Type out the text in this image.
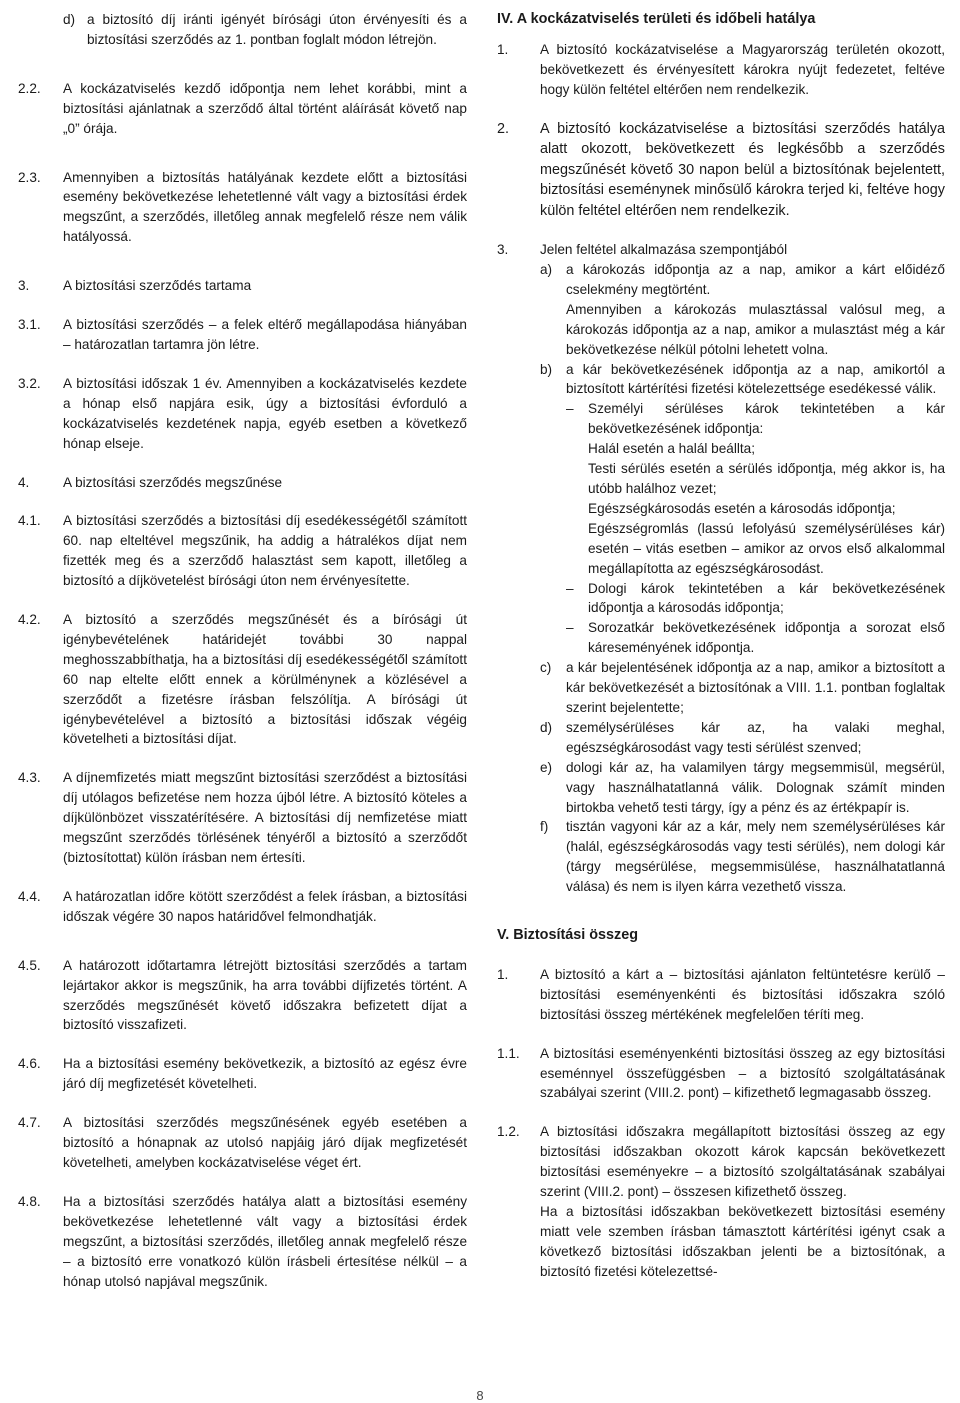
d) a biztosító díj iránti igényét bírósági úton érvényesíti és a biztosítási szerződés az 1. pontban foglalt módon létrejön.
2.2. A kockázatviselés kezdő időpontja nem lehet korábbi, mint a biztosítási ajánlatnak a szerződő által történt aláírását követő nap „0” órája.
2.3. Amennyiben a biztosítás hatályának kezdete előtt a biztosítási esemény bekövetkezése lehetetlenné vált vagy a biztosítási érdek megszűnt, a szerződés, illetőleg annak megfelelő része nem válik hatályossá.
3. A biztosítási szerződés tartama
3.1. A biztosítási szerződés – a felek eltérő megállapodása hiányában – határozatlan tartamra jön létre.
3.2. A biztosítási időszak 1 év. Amennyiben a kockázatviselés kezdete a hónap első napjára esik, úgy a biztosítási évforduló a kockázatviselés kezdetének napja, egyéb esetben a következő hónap elseje.
4. A biztosítási szerződés megszűnése
4.1. A biztosítási szerződés a biztosítási díj esedékességétől számított 60. nap elteltével megszűnik, ha addig a hátralékos díjat nem fizették meg és a szerződő halasztást sem kapott, illetőleg a biztosító a díjkövetelést bírósági úton nem érvényesítette.
4.2. A biztosító a szerződés megszűnését és a bírósági út igénybevételének határidejét további 30 nappal meghosszabbíthatja, ha a biztosítási díj esedékességétől számított 60 nap eltelte előtt ennek a körülménynek a közlésével a szerződőt a fizetésre írásban felszólítja. A bírósági út igénybevételével a biztosító a biztosítási időszak végéig követelheti a biztosítási díjat.
4.3. A díjnemfizetés miatt megszűnt biztosítási szerződést a biztosítási díj utólagos befizetése nem hozza újból létre. A biztosító köteles a díjkülönbözet visszatérítésére. A biztosítási díj nemfizetése miatt megszűnt szerződés törlésének tényéről a biztosító a szerződőt (biztosítottat) külön írásban nem értesíti.
4.4. A határozatlan időre kötött szerződést a felek írásban, a biztosítási időszak végére 30 napos határidővel felmondhatják.
4.5. A határozott időtartamra létrejött biztosítási szerződés a tartam lejártakor akkor is megszűnik, ha arra további díjfizetés történt. A szerződés megszűnését követő időszakra befizetett díjat a biztosító visszafizeti.
4.6. Ha a biztosítási esemény bekövetkezik, a biztosító az egész évre járó díj megfizetését követelheti.
4.7. A biztosítási szerződés megszűnésének egyéb esetében a biztosító a hónapnak az utolsó napjáig járó díjak megfizetését követelheti, amelyben kockázatviselése véget ért.
4.8. Ha a biztosítási szerződés hatálya alatt a biztosítási esemény bekövetkezése lehetetlenné vált vagy a biztosítási érdek megszűnt, a biztosítási szerződés, illetőleg annak megfelelő része – a biztosító erre vonatkozó külön írásbeli értesítése nélkül – a hónap utolsó napjával megszűnik.
IV. A kockázatviselés területi és időbeli hatálya
1. A biztosító kockázatviselése a Magyarország területén okozott, bekövetkezett és érvényesített károkra nyújt fedezetet, feltéve hogy külön feltétel eltérően nem rendelkezik.
2. A biztosító kockázatviselése a biztosítási szerződés hatálya alatt okozott, bekövetkezett és legkésőbb a szerződés megszűnését követő 30 napon belül a biztosítónak bejelentett, biztosítási eseménynek minősülő károkra terjed ki, feltéve hogy külön feltétel eltérően nem rendelkezik.
3. Jelen feltétel alkalmazása szempontjából
a) a károkozás időpontja az a nap, amikor a kárt előidéző cselekmény megtörtént.
Amennyiben a károkozás mulasztással valósul meg, a károkozás időpontja az a nap, amikor a mulasztást még a kár bekövetkezése nélkül pótolni lehetett volna.
b) a kár bekövetkezésének időpontja az a nap, amikortól a biztosított kártérítési fizetési kötelezettsége esedékessé válik.
– Személyi sérüléses károk tekintetében a kár bekövetkezésének időpontja:
Halál esetén a halál beállta;
Testi sérülés esetén a sérülés időpontja, még akkor is, ha utóbb halálhoz vezet;
Egészségkárosodás esetén a károsodás időpontja;
Egészségromlás (lassú lefolyású személysérüléses kár) esetén – vitás esetben – amikor az orvos első alkalommal megállapította az egészségkárosodást.
– Dologi károk tekintetében a kár bekövetkezésének időpontja a károsodás időpontja;
– Sorozatkár bekövetkezésének időpontja a sorozat első káreseményének időpontja.
c) a kár bejelentésének időpontja az a nap, amikor a biztosított a kár bekövetkezését a biztosítónak a VIII. 1.1. pontban foglaltak szerint bejelentette;
d) személysérüléses kár az, ha valaki meghal, egészségkárosodást vagy testi sérülést szenved;
e) dologi kár az, ha valamilyen tárgy megsemmisül, megsérül, vagy használhatatlanná válik. Dolognak számít minden birtokba vehető testi tárgy, így a pénz és az értékpapír is.
f) tisztán vagyoni kár az a kár, mely nem személysérüléses kár (halál, egészségkárosodás vagy testi sérülés), nem dologi kár (tárgy megsérülése, megsemmisülése, használhatatlanná válása) és nem is ilyen kárra vezethető vissza.
V. Biztosítási összeg
1. A biztosító a kárt a – biztosítási ajánlaton feltüntetésre kerülő – biztosítási eseményenkénti és biztosítási időszakra szóló biztosítási összeg mértékének megfelelően téríti meg.
1.1. A biztosítási eseményenkénti biztosítási összeg az egy biztosítási eseménnyel összefüggésben – a biztosító szolgáltatásának szabályai szerint (VIII.2. pont) – kifizethető legmagasabb összeg.
1.2. A biztosítási időszakra megállapított biztosítási összeg az egy biztosítási időszakban okozott károk kapcsán bekövetkezett biztosítási eseményekre – a biztosító szolgáltatásának szabályai szerint (VIII.2. pont) – összesen kifizethető összeg.
Ha a biztosítási időszakban bekövetkezett biztosítási esemény miatt vele szemben írásban támasztott kártérítési igényt csak a következő biztosítási időszakban jelenti be a biztosítónak, a biztosító fizetési kötelezettsé-
8
